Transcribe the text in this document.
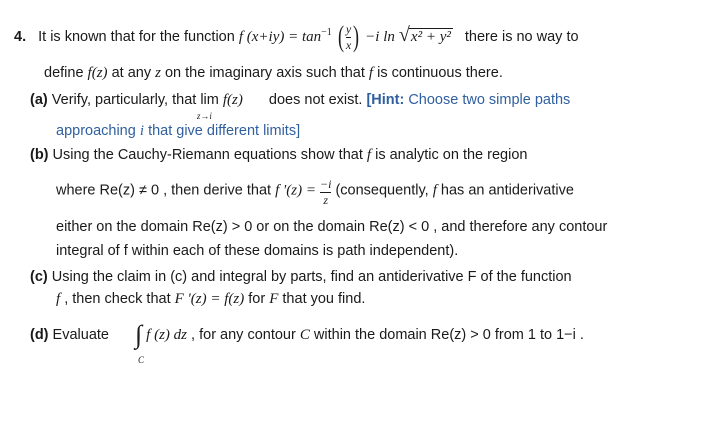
4. It is known that for the function f $(x+iy) = \tan^{-1}$ ( $\frac{y}{x}$ ) −i ln √ x² + y² there is no way to
define f(z) at any z on the imaginary axis such that f is continuous there.
(a) Verify, particularly, that lim f(z)
z→i
does not exist. [Hint: Choose two simple paths
approaching i that give different limits]
(b) Using the Cauchy-Riemann equations show that f is analytic on the region
where Re(z) ≠ 0 , then derive that f '$(z) = \frac{-i}{z}$ (consequently, f has an antiderivative
either on the domain Re(z) > 0 or on the domain Re(z) < 0 , and therefore any contour
integral of f within each of these domains is path independent).
(c) Using the claim in (c) and integral by parts, find an antiderivative F of the function
f , then check that F '(z) = f(z) for F that you find.
(d) Evaluate ∫
C
f (z) dz , for any contour C within the domain Re(z) > 0 from 1 to 1−i .
